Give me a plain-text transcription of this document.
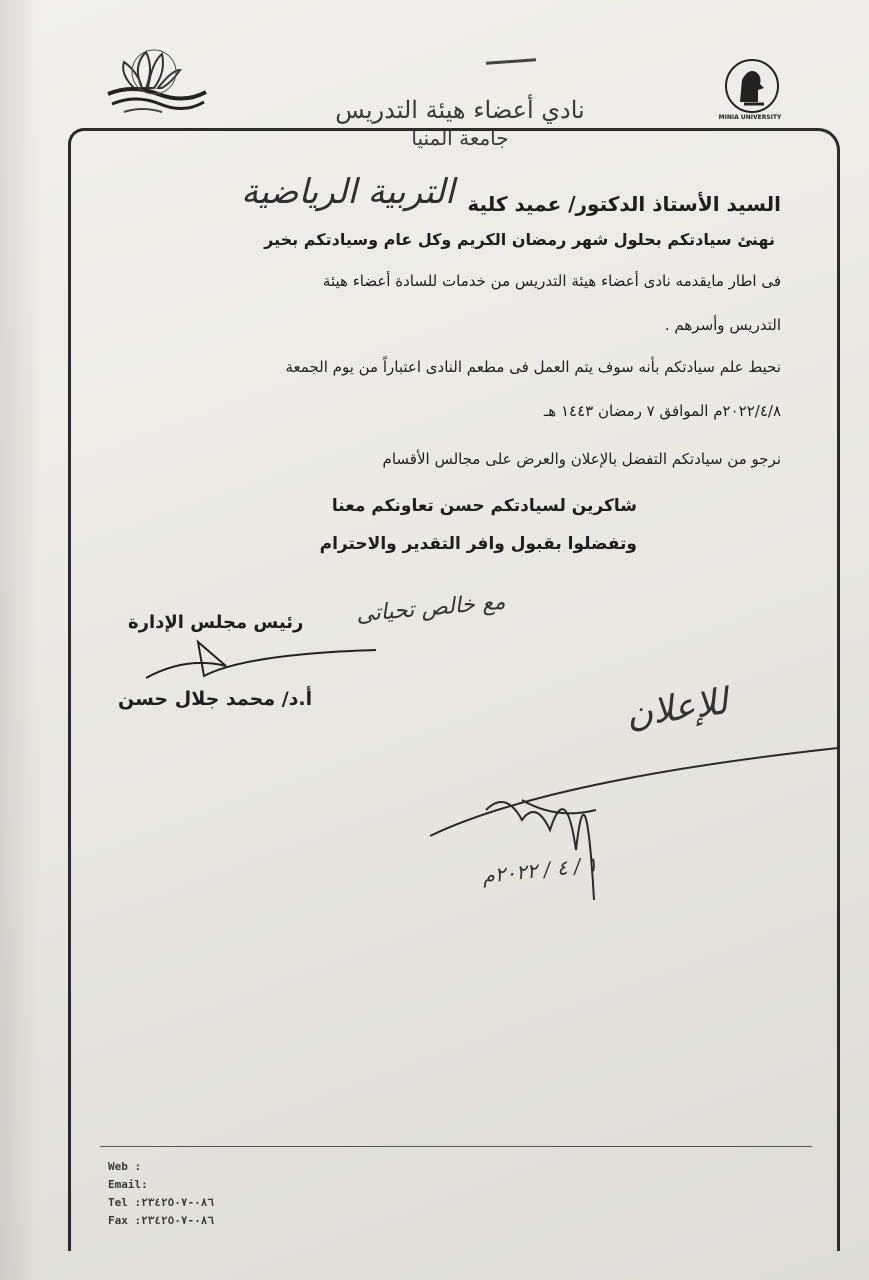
MINIA UNIVERSITY
نادي أعضاء هيئة التدريس
جامعة المنيا
السيد الأستاذ الدكتور/ عميد كلية التربية الرياضية
نهنئ سيادتكم بحلول شهر رمضان الكريم وكل عام وسيادتكم بخير
فى اطار مايقدمه نادى أعضاء هيئة التدريس من خدمات للسادة أعضاء هيئة
التدريس وأسرهم .
نحيط علم سيادتكم بأنه سوف يتم العمل فى مطعم النادى اعتباراً من يوم الجمعة
٢٠٢٢/٤/٨م الموافق ٧ رمضان ١٤٤٣ هـ
نرجو من سيادتكم التفضل بالإعلان والعرض على مجالس الأقسام
شاكرين لسيادتكم حسن تعاونكم معنا
وتفضلوا بقبول وافر التقدير والاحترام
مع خالص تحياتى
رئيس مجلس الإدارة
أ.د/ محمد جلال حسن	للإعلان
١ / ٤ / ٢٠٢٢م
Web :
Email:
Tel :٠٨٦-٢٣٤٢٥٠٧
Fax :٠٨٦-٢٣٤٢٥٠٧
